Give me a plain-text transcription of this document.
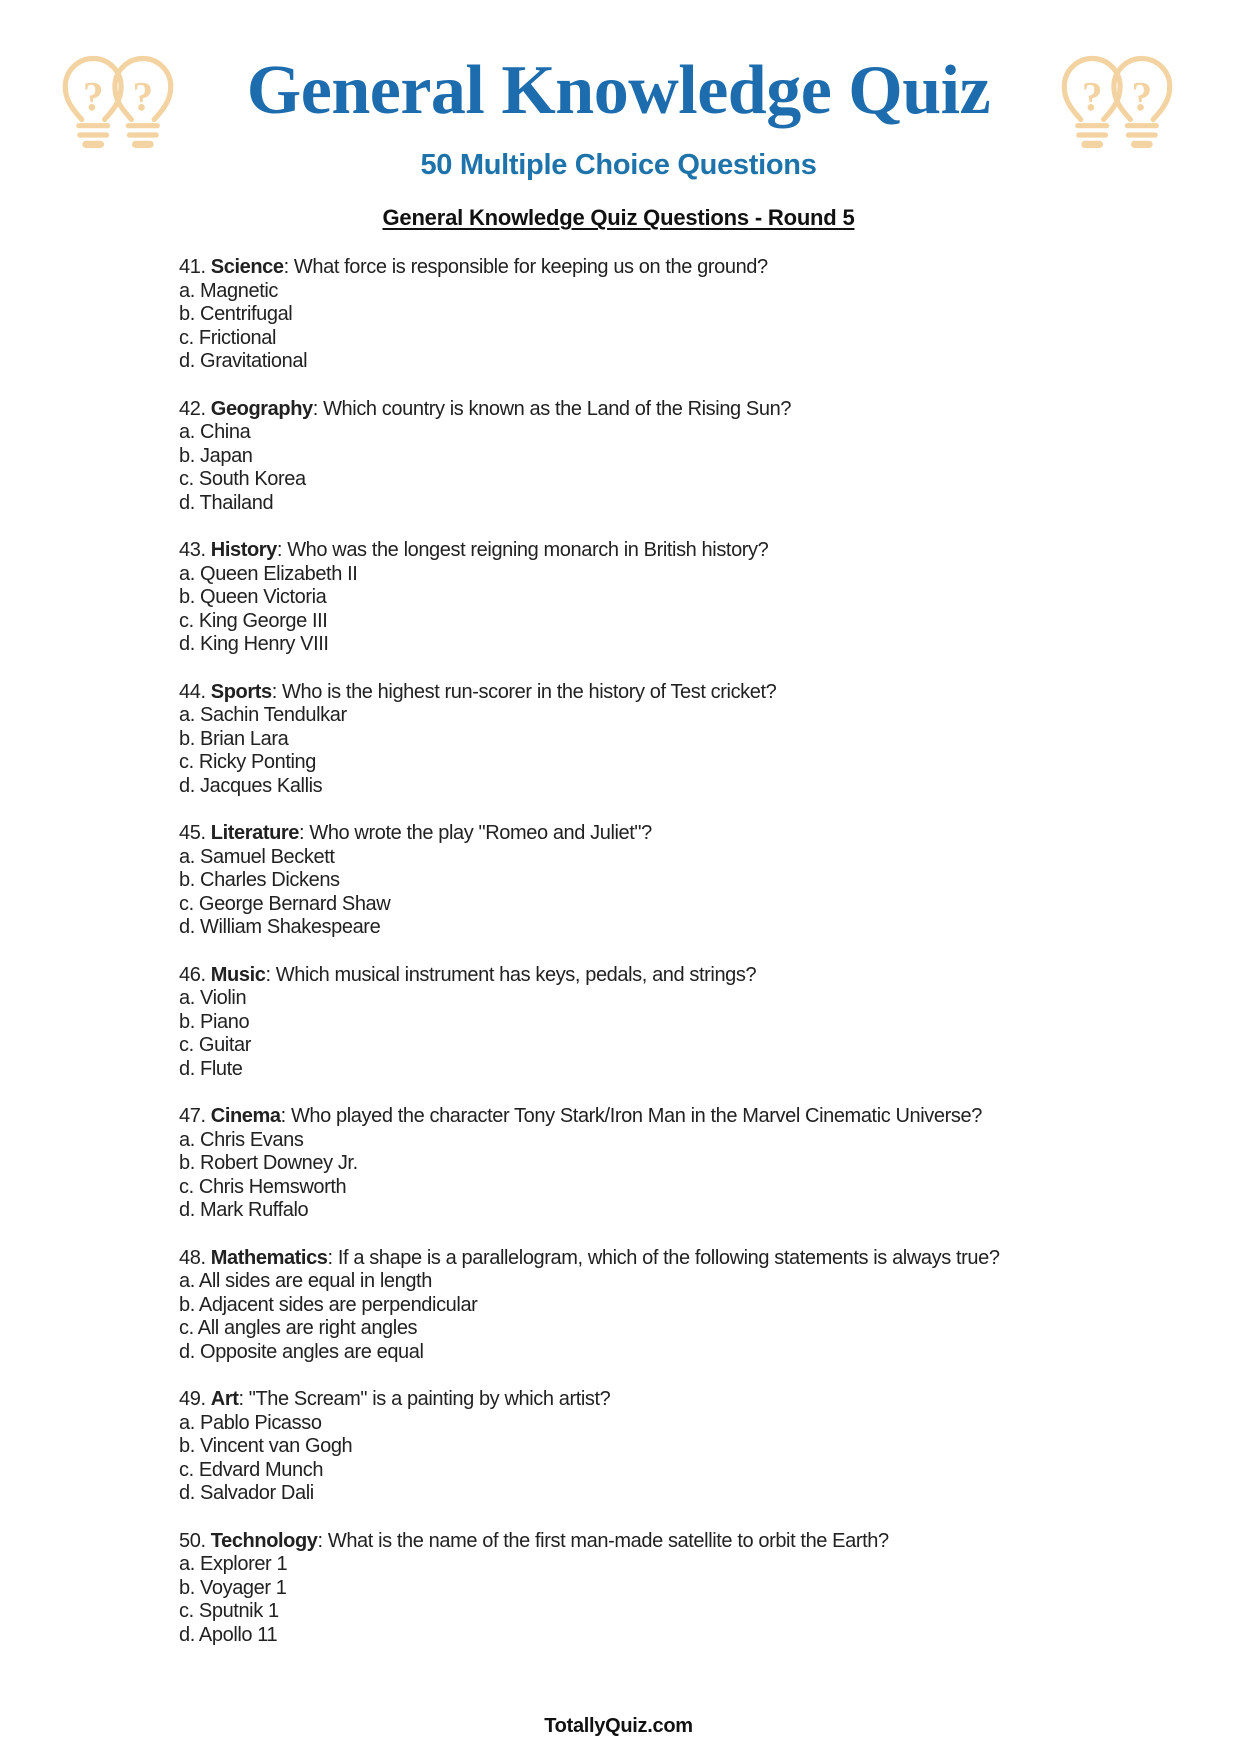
? ?	General Knowledge Quiz
50 Multiple Choice Questions
? ?
General Knowledge Quiz Questions - Round 5
41. Science: What force is responsible for keeping us on the ground?
a. Magnetic
b. Centrifugal
c. Frictional
d. Gravitational
42. Geography: Which country is known as the Land of the Rising Sun?
a. China
b. Japan
c. South Korea
d. Thailand
43. History: Who was the longest reigning monarch in British history?
a. Queen Elizabeth II
b. Queen Victoria
c. King George III
d. King Henry VIII
44. Sports: Who is the highest run-scorer in the history of Test cricket?
a. Sachin Tendulkar
b. Brian Lara
c. Ricky Ponting
d. Jacques Kallis
45. Literature: Who wrote the play "Romeo and Juliet"?
a. Samuel Beckett
b. Charles Dickens
c. George Bernard Shaw
d. William Shakespeare
46. Music: Which musical instrument has keys, pedals, and strings?
a. Violin
b. Piano
c. Guitar
d. Flute
47. Cinema: Who played the character Tony Stark/Iron Man in the Marvel Cinematic Universe?
a. Chris Evans
b. Robert Downey Jr.
c. Chris Hemsworth
d. Mark Ruffalo
48. Mathematics: If a shape is a parallelogram, which of the following statements is always true?
a. All sides are equal in length
b. Adjacent sides are perpendicular
c. All angles are right angles
d. Opposite angles are equal
49. Art: "The Scream" is a painting by which artist?
a. Pablo Picasso
b. Vincent van Gogh
c. Edvard Munch
d. Salvador Dali
50. Technology: What is the name of the first man-made satellite to orbit the Earth?
a. Explorer 1
b. Voyager 1
c. Sputnik 1
d. Apollo 11
TotallyQuiz.com
